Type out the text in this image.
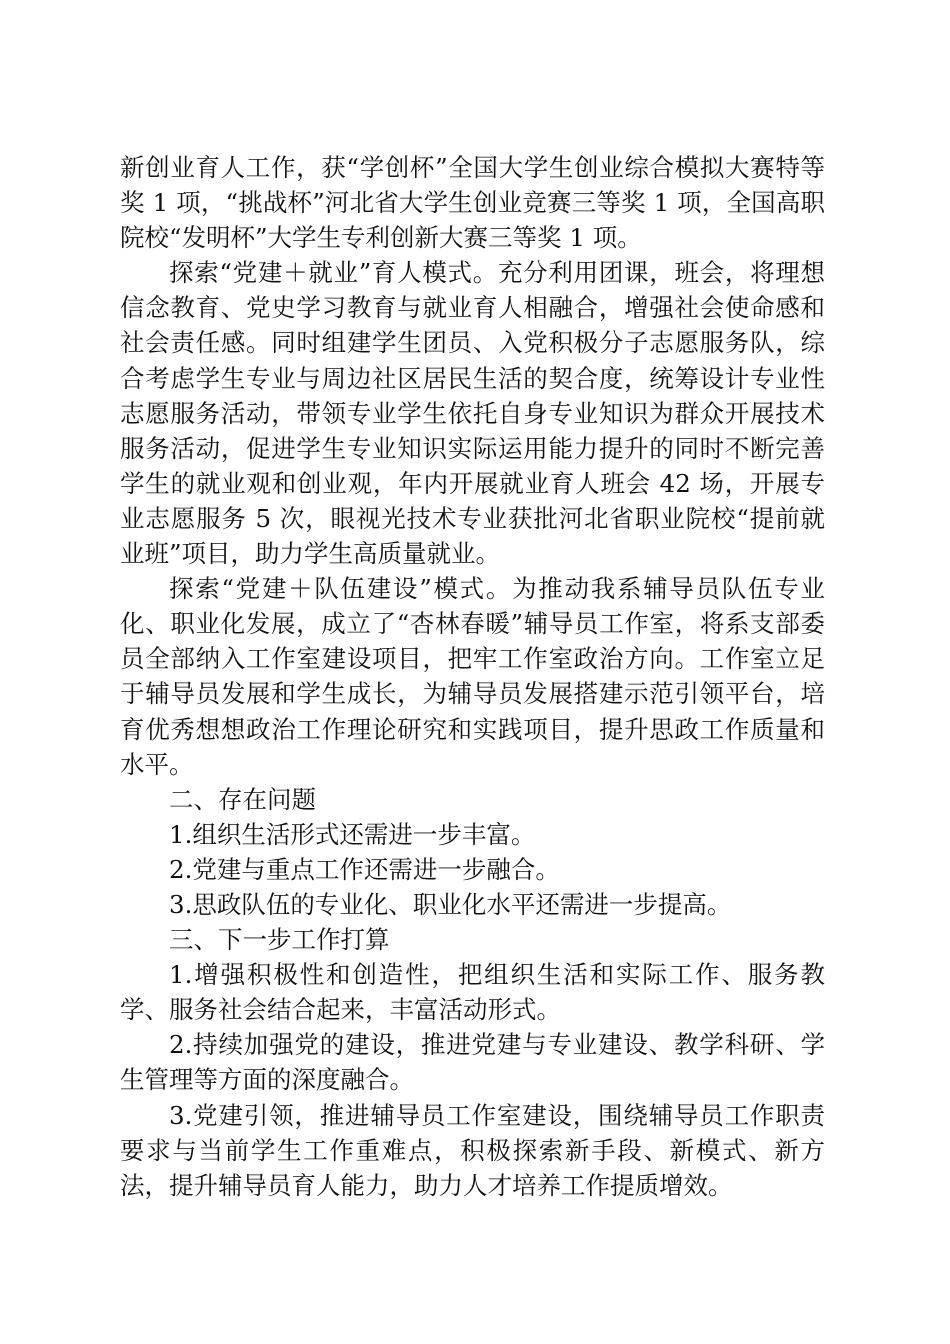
新创业育人工作，获“学创杯”全国大学生创业综合模拟大赛特等奖 1 项，“挑战杯”河北省大学生创业竞赛三等奖 1 项，全国高职院校“发明杯”大学生专利创新大赛三等奖 1 项。

探索“党建＋就业”育人模式。充分利用团课，班会，将理想信念教育、党史学习教育与就业育人相融合，增强社会使命感和社会责任感。同时组建学生团员、入党积极分子志愿服务队，综合考虑学生专业与周边社区居民生活的契合度，统筹设计专业性志愿服务活动，带领专业学生依托自身专业知识为群众开展技术服务活动，促进学生专业知识实际运用能力提升的同时不断完善学生的就业观和创业观，年内开展就业育人班会 42 场，开展专业志愿服务 5 次，眼视光技术专业获批河北省职业院校“提前就业班”项目，助力学生高质量就业。

探索“党建＋队伍建设”模式。为推动我系辅导员队伍专业化、职业化发展，成立了“杏林春暖”辅导员工作室，将系支部委员全部纳入工作室建设项目，把牢工作室政治方向。工作室立足于辅导员发展和学生成长，为辅导员发展搭建示范引领平台，培育优秀想想政治工作理论研究和实践项目，提升思政工作质量和水平。

二、存在问题

1.组织生活形式还需进一步丰富。

2.党建与重点工作还需进一步融合。

3.思政队伍的专业化、职业化水平还需进一步提高。

三、下一步工作打算

1.增强积极性和创造性，把组织生活和实际工作、服务教学、服务社会结合起来，丰富活动形式。

2.持续加强党的建设，推进党建与专业建设、教学科研、学生管理等方面的深度融合。

3.党建引领，推进辅导员工作室建设，围绕辅导员工作职责要求与当前学生工作重难点，积极探索新手段、新模式、新方法，提升辅导员育人能力，助力人才培养工作提质增效。
